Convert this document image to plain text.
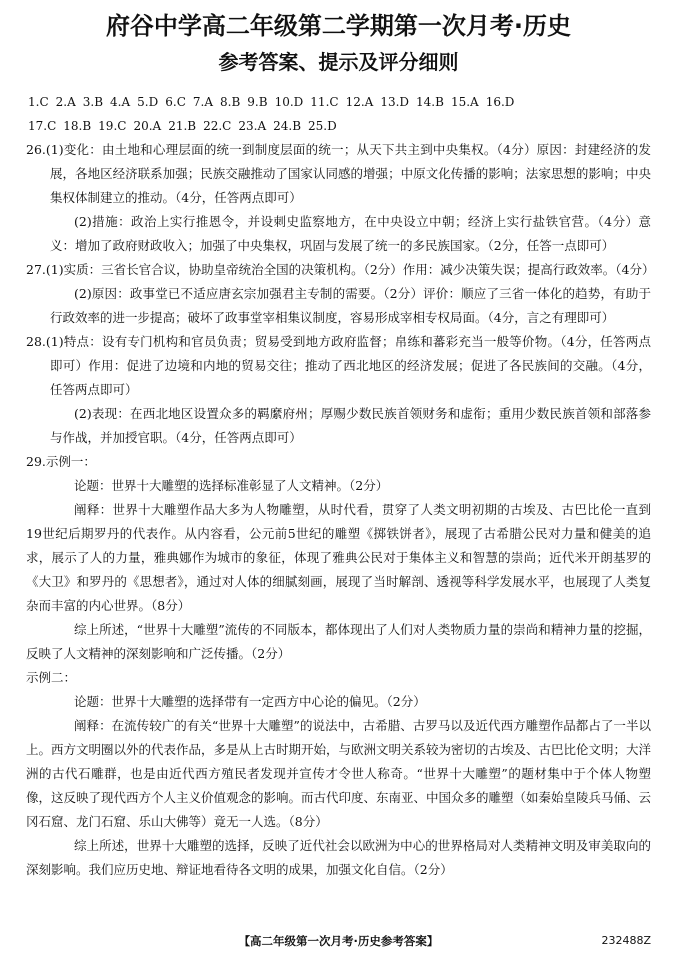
府谷中学高二年级第二学期第一次月考·历史
参考答案、提示及评分细则
1.C 2.A 3.B 4.A 5.D 6.C 7.A 8.B 9.B 10.D 11.C 12.A 13.D 14.B 15.A 16.D
17.C 18.B 19.C 20.A 21.B 22.C 23.A 24.B 25.D

26.(1)变化：由土地和心理层面的统一到制度层面的统一；从天下共主到中央集权。（4分）原因：封建经济的发展，各地区经济联系加强；民族交融推动了国家认同感的增强；中原文化传播的影响；法家思想的影响；中央集权体制建立的推动。（4分，任答两点即可）

(2)措施：政治上实行推恩令，并设刺史监察地方，在中央设立中朝；经济上实行盐铁官营。（4分）意义：增加了政府财政收入；加强了中央集权，巩固与发展了统一的多民族国家。（2分，任答一点即可）

27.(1)实质：三省长官合议，协助皇帝统治全国的决策机构。（2分）作用：减少决策失误；提高行政效率。（4分）

(2)原因：政事堂已不适应唐玄宗加强君主专制的需要。（2分）评价：顺应了三省一体化的趋势，有助于行政效率的进一步提高；破坏了政事堂宰相集议制度，容易形成宰相专权局面。（4分，言之有理即可）

28.(1)特点：设有专门机构和官员负责；贸易受到地方政府监督；帛练和蕃彩充当一般等价物。（4分，任答两点即可）作用：促进了边境和内地的贸易交往；推动了西北地区的经济发展；促进了各民族间的交融。（4分，任答两点即可）

(2)表现：在西北地区设置众多的羁縻府州；厚赐少数民族首领财务和虚衔；重用少数民族首领和部落参与作战，并加授官职。（4分，任答两点即可）

29.示例一：

论题：世界十大雕塑的选择标准彰显了人文精神。（2分）

阐释：世界十大雕塑作品大多为人物雕塑，从时代看，贯穿了人类文明初期的古埃及、古巴比伦一直到19世纪后期罗丹的代表作。从内容看，公元前5世纪的雕塑《掷铁饼者》，展现了古希腊公民对力量和健美的追求，展示了人的力量，雅典娜作为城市的象征，体现了雅典公民对于集体主义和智慧的崇尚；近代米开朗基罗的《大卫》和罗丹的《思想者》，通过对人体的细腻刻画，展现了当时解剖、透视等科学发展水平，也展现了人类复杂而丰富的内心世界。（8分）

综上所述，“世界十大雕塑”流传的不同版本，都体现出了人们对人类物质力量的崇尚和精神力量的挖掘，反映了人文精神的深刻影响和广泛传播。（2分）

示例二：

论题：世界十大雕塑的选择带有一定西方中心论的偏见。（2分）

阐释：在流传较广的有关“世界十大雕塑”的说法中，古希腊、古罗马以及近代西方雕塑作品都占了一半以上。西方文明圈以外的代表作品，多是从上古时期开始，与欧洲文明关系较为密切的古埃及、古巴比伦文明；大洋洲的古代石雕群，也是由近代西方殖民者发现并宣传才令世人称奇。“世界十大雕塑”的题材集中于个体人物塑像，这反映了现代西方个人主义价值观念的影响。而古代印度、东南亚、中国众多的雕塑（如秦始皇陵兵马俑、云冈石窟、龙门石窟、乐山大佛等）竟无一人选。（8分）

综上所述，世界十大雕塑的选择，反映了近代社会以欧洲为中心的世界格局对人类精神文明及审美取向的深刻影响。我们应历史地、辩证地看待各文明的成果，加强文化自信。（2分）

【高二年级第一次月考·历史参考答案】	232488Z
